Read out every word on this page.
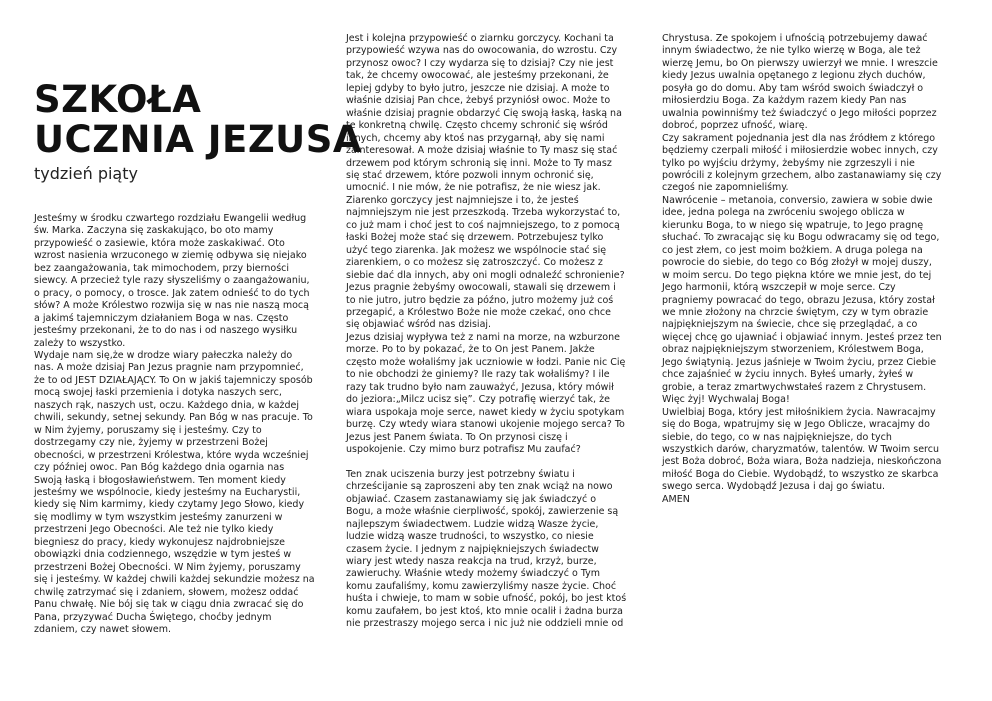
SZKOŁA
UCZNIA JEZUSA
tydzień piąty

Jesteśmy w środku czwartego rozdziału Ewangelii według
św. Marka. Zaczyna się zaskakująco, bo oto mamy
przypowieść o zasiewie, która może zaskakiwać. Oto
wzrost nasienia wrzuconego w ziemię odbywa się niejako
bez zaangażowania, tak mimochodem, przy bierności
siewcy. A przecież tyle razy słyszeliśmy o zaangażowaniu,
o pracy, o pomocy, o trosce. Jak zatem odnieść to do tych
słów? A może Królestwo rozwija się w nas nie naszą mocą
a jakimś tajemniczym działaniem Boga w nas. Często
jesteśmy przekonani, że to do nas i od naszego wysiłku
zależy to wszystko.

Wydaje nam się,że w drodze wiary pałeczka należy do
nas. A może dzisiaj Pan Jezus pragnie nam przypomnieć,
że to od JEST DZIAŁAJĄCY. To On w jakiś tajemniczy sposób
mocą swojej łaski przemienia i dotyka naszych serc,
naszych rąk, naszych ust, oczu. Każdego dnia, w każdej
chwili, sekundy, setnej sekundy. Pan Bóg w nas pracuje. To
w Nim żyjemy, poruszamy się i jesteśmy. Czy to
dostrzegamy czy nie, żyjemy w przestrzeni Bożej
obecności, w przestrzeni Królestwa, które wyda wcześniej
czy później owoc. Pan Bóg każdego dnia ogarnia nas
Swoją łaską i błogosławieństwem. Ten moment kiedy
jesteśmy we wspólnocie, kiedy jesteśmy na Eucharystii,
kiedy się Nim karmimy, kiedy czytamy Jego Słowo, kiedy
się modlimy w tym wszystkim jesteśmy zanurzeni w
przestrzeni Jego Obecności. Ale też nie tylko kiedy
biegniesz do pracy, kiedy wykonujesz najdrobniejsze
obowiązki dnia codziennego, wszędzie w tym jesteś w
przestrzeni Bożej Obecności. W Nim żyjemy, poruszamy
się i jesteśmy. W każdej chwili każdej sekundzie możesz na
chwilę zatrzymać się i zdaniem, słowem, możesz oddać
Panu chwałę. Nie bój się tak w ciągu dnia zwracać się do
Pana, przyzywać Ducha Świętego, choćby jednym
zdaniem, czy nawet słowem.

Jest i kolejna przypowieść o ziarnku gorczycy. Kochani ta
przypowieść wzywa nas do owocowania, do wzrostu. Czy
przynosz owoc? I czy wydarza się to dzisiaj? Czy nie jest
tak, że chcemy owocować, ale jesteśmy przekonani, że
lepiej gdyby to było jutro, jeszcze nie dzisiaj. A może to
właśnie dzisiaj Pan chce, żebyś przyniósł owoc. Może to
właśnie dzisiaj pragnie obdarzyć Cię swoją łaską, łaską na
te konkretną chwilę. Często chcemy schronić się wśród
innych, chcemy aby ktoś nas przygarnął, aby się nami
zainteresował. A może dzisiaj właśnie to Ty masz się stać
drzewem pod którym schronią się inni. Może to Ty masz
się stać drzewem, które pozwoli innym ochronić się,
umocnić. I nie mów, że nie potrafisz, że nie wiesz jak.
Ziarenko gorczycy jest najmniejsze i to, że jesteś
najmniejszym nie jest przeszkodą. Trzeba wykorzystać to,
co już mam i choć jest to coś najmniejszego, to z pomocą
łaski Bożej może stać się drzewem. Potrzebujesz tylko
użyć tego ziarenka. Jak możesz we wspólnocie stać się
ziarenkiem, o co możesz się zatroszczyć. Co możesz z
siebie dać dla innych, aby oni mogli odnaleźć schronienie?
Jezus pragnie żebyśmy owocowali, stawali się drzewem i
to nie jutro, jutro będzie za późno, jutro możemy już coś
przegapić, a Królestwo Boże nie może czekać, ono chce
się objawiać wśród nas dzisiaj.

Jezus dzisiaj wypływa też z nami na morze, na wzburzone
morze. Po to by pokazać, że to On jest Panem. Jakże
często może wołaliśmy jak uczniowie w łodzi. Panie nic Cię
to nie obchodzi że giniemy? Ile razy tak wołaliśmy? I ile
razy tak trudno było nam zauważyć, Jezusa, który mówił
do jeziora:„Milcz ucisz się”. Czy potrafię wierzyć tak, że
wiara uspokaja moje serce, nawet kiedy w życiu spotykam
burzę. Czy wtedy wiara stanowi ukojenie mojego serca? To
Jezus jest Panem świata. To On przynosi ciszę i
uspokojenie. Czy mimo burz potrafisz Mu zaufać?

Ten znak uciszenia burzy jest potrzebny światu i
chrześcijanie są zaproszeni aby ten znak wciąż na nowo
objawiać. Czasem zastanawiamy się jak świadczyć o
Bogu, a może właśnie cierpliwość, spokój, zawierzenie są
najlepszym świadectwem. Ludzie widzą Wasze życie,
ludzie widzą wasze trudności, to wszystko, co niesie
czasem życie. I jednym z najpiękniejszych świadectw
wiary jest wtedy nasza reakcja na trud, krzyż, burze,
zawieruchy. Właśnie wtedy możemy świadczyć o Tym
komu zaufaliśmy, komu zawierzyliśmy nasze życie. Choć
huśta i chwieje, to mam w sobie ufność, pokój, bo jest ktoś
komu zaufałem, bo jest ktoś, kto mnie ocalił i żadna burza
nie przestraszy mojego serca i nic już nie oddzieli mnie od

Chrystusa. Ze spokojem i ufnością potrzebujemy dawać
innym świadectwo, że nie tylko wierzę w Boga, ale też
wierzę Jemu, bo On pierwszy uwierzył we mnie. I wreszcie
kiedy Jezus uwalnia opętanego z legionu złych duchów,
posyła go do domu. Aby tam wśród swoich świadczył o
miłosierdziu Boga. Za każdym razem kiedy Pan nas
uwalnia powinniśmy też świadczyć o Jego miłości poprzez
dobroć, poprzez ufność, wiarę.

Czy sakrament pojednania jest dla nas źródłem z którego
będziemy czerpali miłość i miłosierdzie wobec innych, czy
tylko po wyjściu drżymy, żebyśmy nie zgrzeszyli i nie
powrócili z kolejnym grzechem, albo zastanawiamy się czy
czegoś nie zapomnieliśmy.

Nawrócenie – metanoia, conversio, zawiera w sobie dwie
idee, jedna polega na zwróceniu swojego oblicza w
kierunku Boga, to w niego się wpatruje, to Jego pragnę
słuchać. To zwracając się ku Bogu odwracamy się od tego,
co jest złem, co jest moim bożkiem. A druga polega na
powrocie do siebie, do tego co Bóg złożył w mojej duszy,
w moim sercu. Do tego piękna które we mnie jest, do tej
Jego harmonii, którą wszczepił w moje serce. Czy
pragniemy powracać do tego, obrazu Jezusa, który został
we mnie złożony na chrzcie świętym, czy w tym obrazie
najpiękniejszym na świecie, chce się przeglądać, a co
więcej chcę go ujawniać i objawiać innym. Jesteś przez ten
obraz najpiękniejszym stworzeniem, Królestwem Boga,
Jego świątynią. Jezus jaśnieje w Twoim życiu, przez Ciebie
chce zajaśnieć w życiu innych. Byłeś umarły, żyłeś w
grobie, a teraz zmartwychwstałeś razem z Chrystusem.
Więc żyj! Wychwalaj Boga!

Uwielbiaj Boga, który jest miłośnikiem życia. Nawracajmy
się do Boga, wpatrujmy się w Jego Oblicze, wracajmy do
siebie, do tego, co w nas najpiękniejsze, do tych
wszystkich darów, charyzmatów, talentów. W Twoim sercu
jest Boża dobroć, Boża wiara, Boża nadzieja, nieskończona
miłość Boga do Ciebie. Wydobądź, to wszystko ze skarbca
swego serca. Wydobądź Jezusa i daj go światu.

AMEN
